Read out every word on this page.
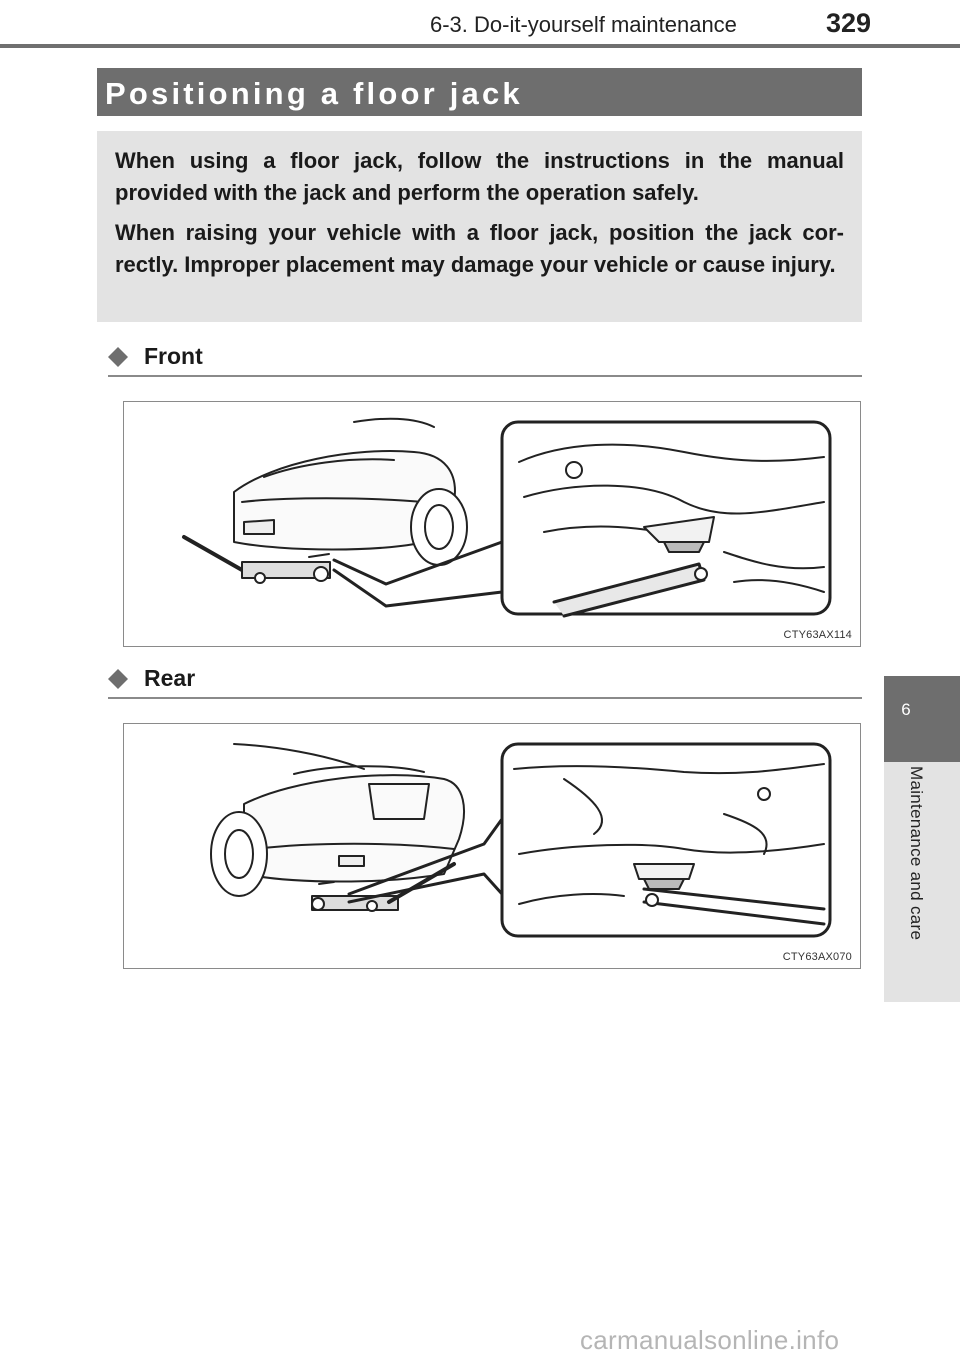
6-3. Do-it-yourself maintenance	329
Positioning a floor jack

When using a floor jack, follow the instructions in the manual provided with the jack and perform the operation safely.

When raising your vehicle with a floor jack, position the jack cor-rectly. Improper placement may damage your vehicle or cause injury.

Front
CTY63AX114
Rear
CTY63AX070
6
Maintenance and care
carmanualsonline.info
